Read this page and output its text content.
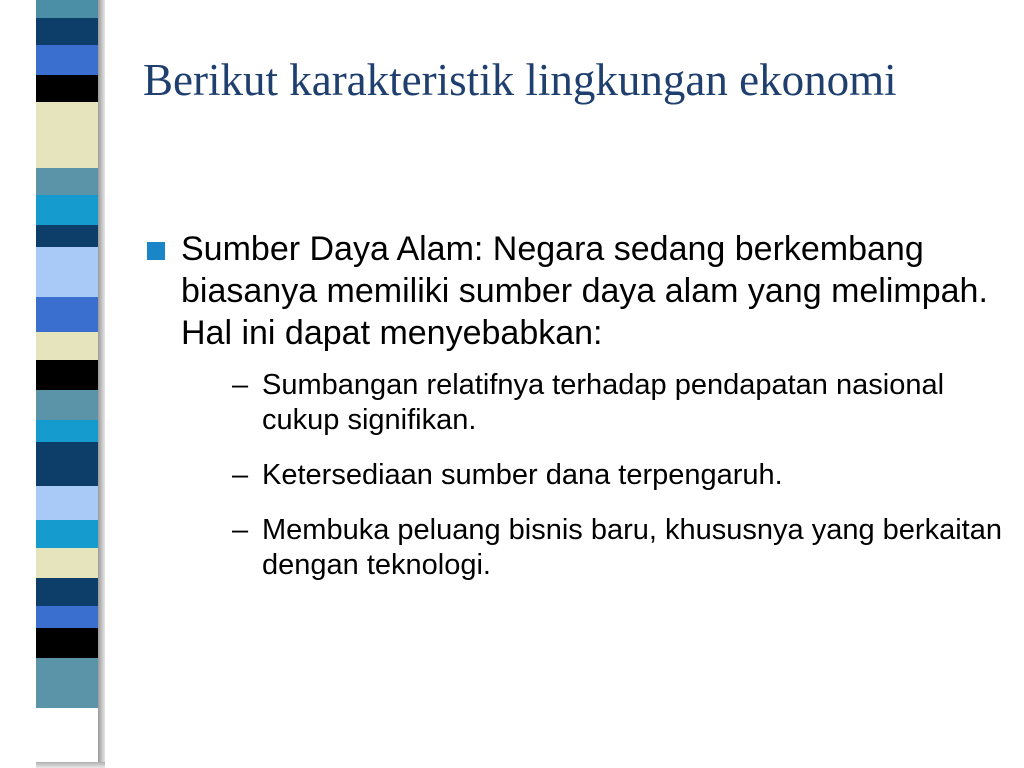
Berikut karakteristik lingkungan ekonomi
Sumber Daya Alam: Negara sedang berkembang biasanya memiliki sumber daya alam yang melimpah. Hal ini dapat menyebabkan:
– Sumbangan relatifnya terhadap pendapatan nasional cukup signifikan.
– Ketersediaan sumber dana terpengaruh.
– Membuka peluang bisnis baru, khususnya yang berkaitan dengan teknologi.
